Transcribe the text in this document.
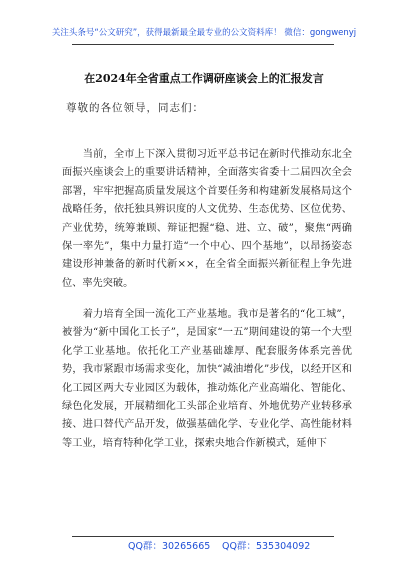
关注头条号“公文研究”，获得最新最全最专业的公文资料库！ 微信：gongwenyj
在2024年全省重点工作调研座谈会上的汇报发言
尊敬的各位领导，同志们：

　　当前，全市上下深入贯彻习近平总书记在新时代推动东北全面振兴座谈会上的重要讲话精神，全面落实省委十二届四次全会部署，牢牢把握高质量发展这个首要任务和构建新发展格局这个战略任务，依托独具辨识度的人文优势、生态优势、区位优势、产业优势，统筹兼顾、辩证把握“稳、进、立、破”，聚焦“两确保一率先”，集中力量打造“一个中心、四个基地”，以昂扬姿态建设形神兼备的新时代新××，在全省全面振兴新征程上争先进位、率先突破。

　　着力培育全国一流化工产业基地。我市是著名的“化工城”，被誉为“新中国化工长子”，是国家“一五”期间建设的第一个大型化学工业基地。依托化工产业基础雄厚、配套服务体系完善优势，我市紧跟市场需求变化，加快“减油增化”步伐，以经开区和化工园区两大专业园区为载体，推动炼化产业高端化、智能化、绿色化发展，开展精细化工头部企业培育、外地优势产业转移承接、进口替代产品开发，做强基础化学、专业化学、高性能材料等工业，培育特种化学工业，探索央地合作新模式，延伸下

QQ群：30265665 QQ群：535304092
